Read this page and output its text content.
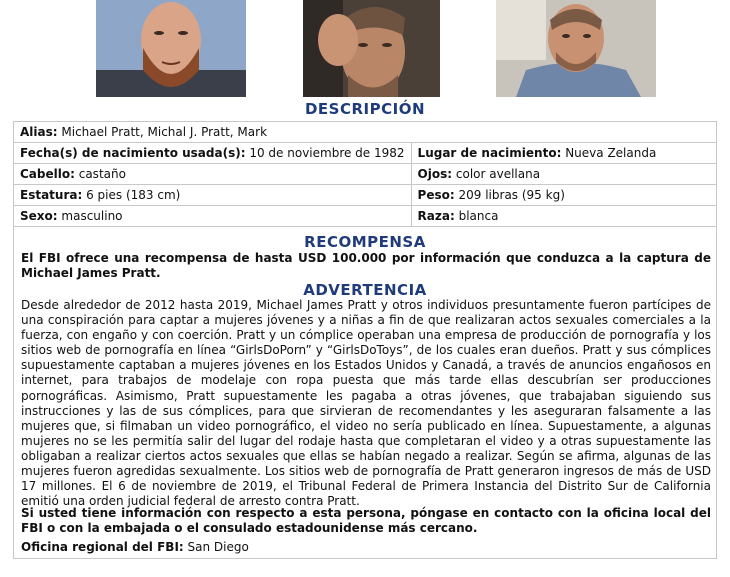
DESCRIPCIÓN
Alias: Michael Pratt, Michal J. Pratt, Mark	
Fecha(s) de nacimiento usada(s): 10 de noviembre de 1982	Lugar de nacimiento: Nueva Zelanda
Cabello: castaño	Ojos: color avellana
Estatura: 6 pies (183 cm)	Peso: 209 libras (95 kg)
Sexo: masculino	Raza: blanca
RECOMPENSA
El FBI ofrece una recompensa de hasta USD 100.000 por información que conduzca a la captura de Michael James Pratt.
ADVERTENCIA
Desde alrededor de 2012 hasta 2019, Michael James Pratt y otros individuos presuntamente fueron partícipes de una conspiración para captar a mujeres jóvenes y a niñas a fin de que realizaran actos sexuales comerciales a la fuerza, con engaño y con coerción. Pratt y un cómplice operaban una empresa de producción de pornografía y los sitios web de pornografía en línea “GirlsDoPorn” y “GirlsDoToys”, de los cuales eran dueños. Pratt y sus cómplices supuestamente captaban a mujeres jóvenes en los Estados Unidos y Canadá, a través de anuncios engañosos en internet, para trabajos de modelaje con ropa puesta que más tarde ellas descubrían ser producciones pornográficas. Asimismo, Pratt supuestamente les pagaba a otras jóvenes, que trabajaban siguiendo sus instrucciones y las de sus cómplices, para que sirvieran de recomendantes y les aseguraran falsamente a las mujeres que, si filmaban un video pornográfico, el video no sería publicado en línea. Supuestamente, a algunas mujeres no se les permitía salir del lugar del rodaje hasta que completaran el video y a otras supuestamente las obligaban a realizar ciertos actos sexuales que ellas se habían negado a realizar. Según se afirma, algunas de las mujeres fueron agredidas sexualmente. Los sitios web de pornografía de Pratt generaron ingresos de más de USD 17 millones. El 6 de noviembre de 2019, el Tribunal Federal de Primera Instancia del Distrito Sur de California emitió una orden judicial federal de arresto contra Pratt.
Si usted tiene información con respecto a esta persona, póngase en contacto con la oficina local del FBI o con la embajada o el consulado estadounidense más cercano.
Oficina regional del FBI: San Diego
